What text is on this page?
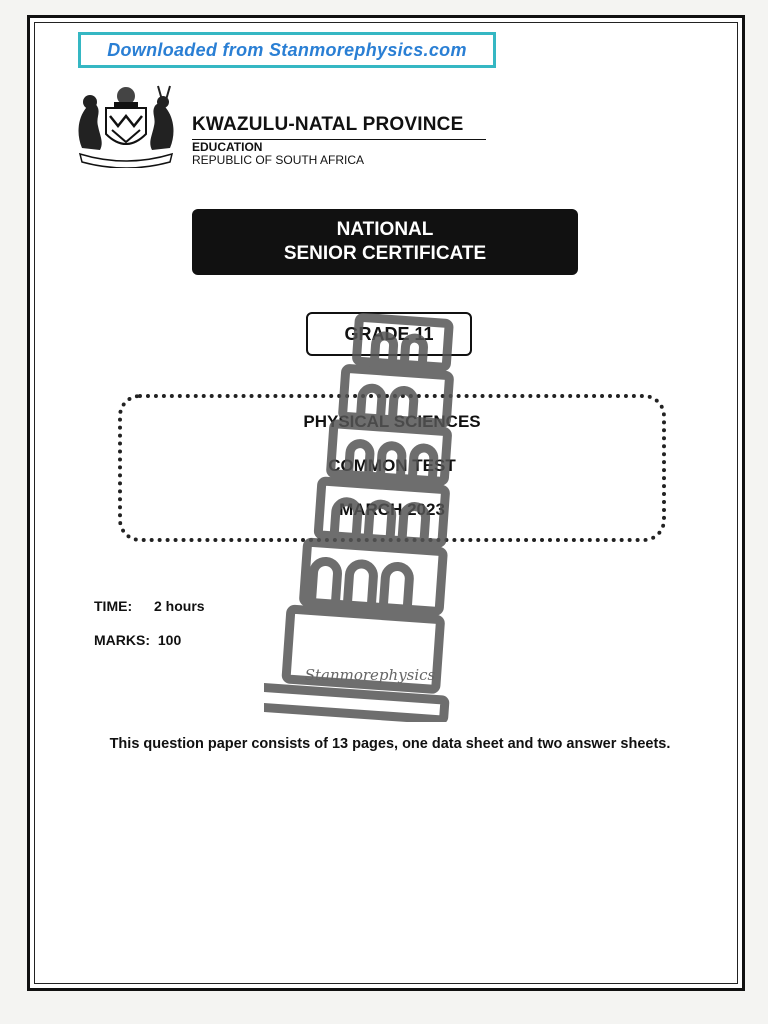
Downloaded from Stanmorephysics.com
KWAZULU-NATAL PROVINCE
EDUCATION
REPUBLIC OF SOUTH AFRICA
NATIONAL
SENIOR CERTIFICATE
GRADE 11
PHYSICAL SCIENCES
COMMON TEST
MARCH 2023
TIME: 2 hours
MARKS: 100
This question paper consists of 13 pages, one data sheet and two answer sheets.
Stanmorephysics
